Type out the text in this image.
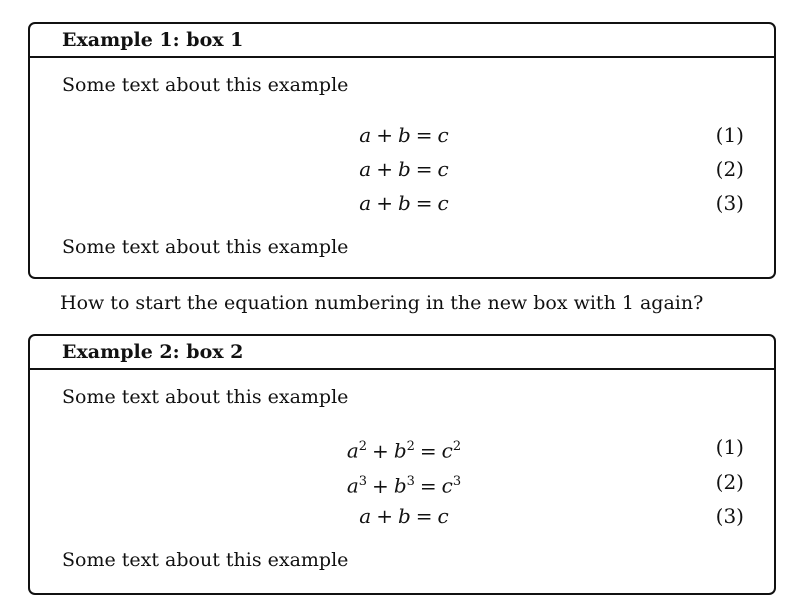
Example 1: box 1
Some text about this example
a + b = c	(1)
a + b = c	(2)
a + b = c	(3)
Some text about this example
How to start the equation numbering in the new box with 1 again?
Example 2: box 2
Some text about this example
$a^2 + b^2 = c^2$	(1)
$a^3 + b^3 = c^3$	(2)
a + b = c	(3)
Some text about this example
